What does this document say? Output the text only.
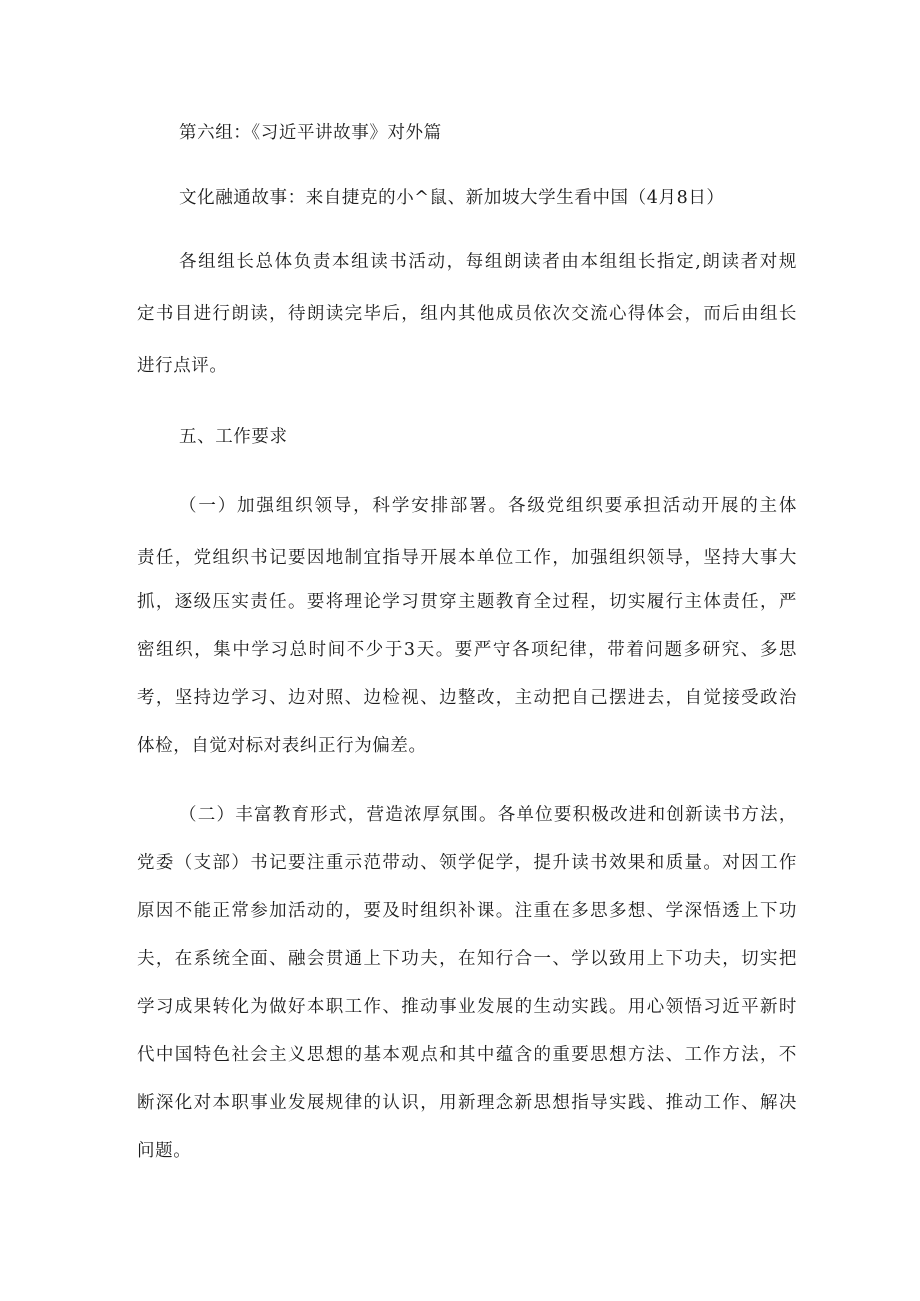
第六组：《习近平讲故事》对外篇
文化融通故事：来自捷克的小^鼠、新加坡大学生看中国（4月8日）
各组组长总体负责本组读书活动，每组朗读者由本组组长指定,朗读者对规
定书目进行朗读，待朗读完毕后，组内其他成员依次交流心得体会，而后由组长
进行点评。
五、工作要求
（一）加强组织领导，科学安排部署。各级党组织要承担活动开展的主体
责任，党组织书记要因地制宜指导开展本单位工作，加强组织领导，坚持大事大
抓，逐级压实责任。要将理论学习贯穿主题教育全过程，切实履行主体责任，严
密组织，集中学习总时间不少于3天。要严守各项纪律，带着问题多研究、多思
考，坚持边学习、边对照、边检视、边整改，主动把自己摆进去，自觉接受政治
体检，自觉对标对表纠正行为偏差。
（二）丰富教育形式，营造浓厚氛围。各单位要积极改进和创新读书方法，
党委（支部）书记要注重示范带动、领学促学，提升读书效果和质量。对因工作
原因不能正常参加活动的，要及时组织补课。注重在多思多想、学深悟透上下功
夫，在系统全面、融会贯通上下功夫，在知行合一、学以致用上下功夫，切实把
学习成果转化为做好本职工作、推动事业发展的生动实践。用心领悟习近平新时
代中国特色社会主义思想的基本观点和其中蕴含的重要思想方法、工作方法，不
断深化对本职事业发展规律的认识，用新理念新思想指导实践、推动工作、解决
问题。
